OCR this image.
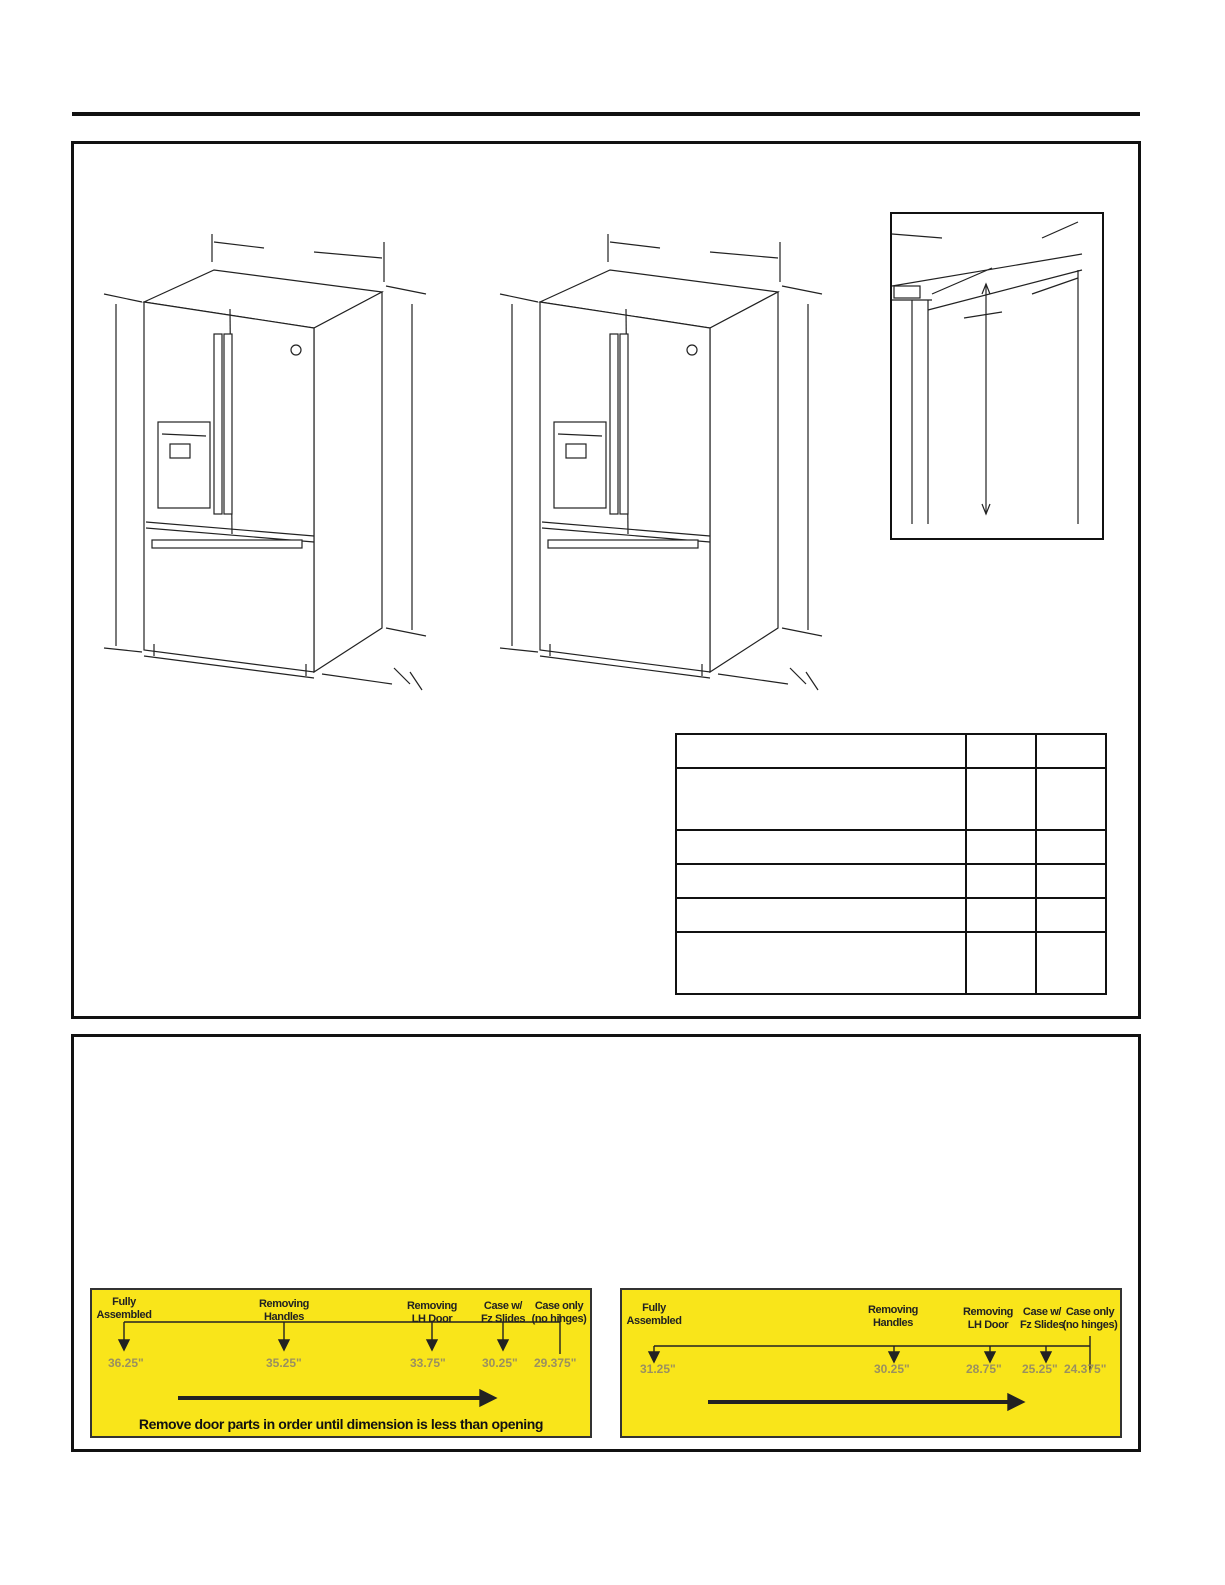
Fully
Assembled
Removing
Handles
Removing
LH Door
Case w/
Fz Slides
Case only
(no hinges)
36.25"	35.25"	33.75"	30.25" 29.375"
Remove door parts in order until dimension is less than opening
Fully
Assembled
Removing
Handles
Removing
LH Door
Case w/
Fz Slides
Case only
(no hinges)
31.25"	30.25"	28.75" 25.25" 24.375"
